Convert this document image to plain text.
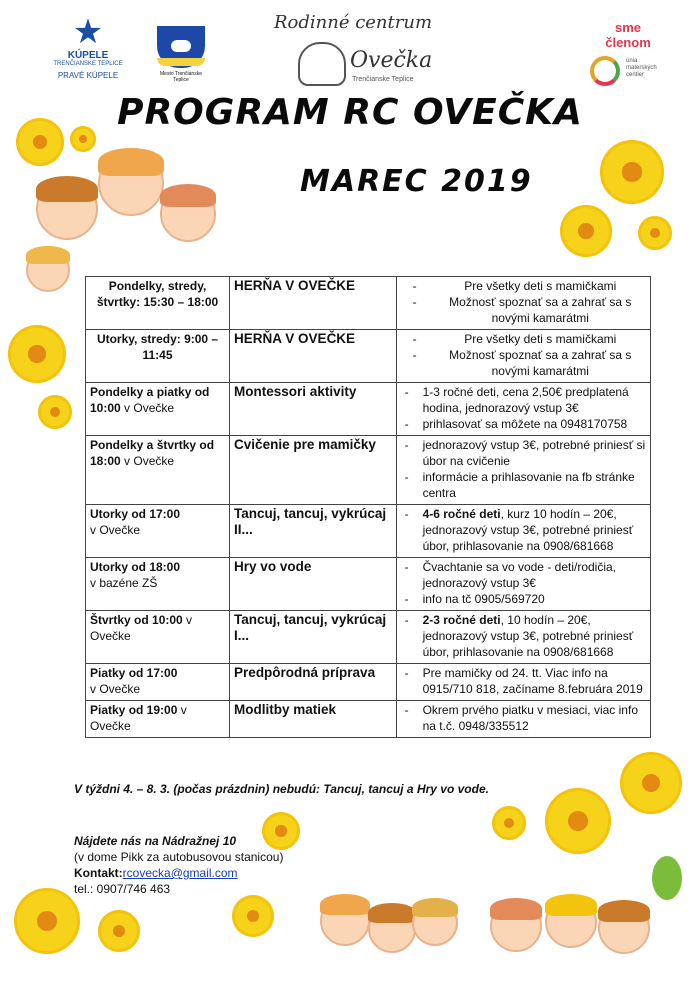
★
KÚPELE
TRENČIANSKE TEPLICE
PRAVÉ KÚPELE	Mesto Trenčianske Teplice
Rodinné centrum
Ovečka
Trenčianske Teplice
sme
členom
únia materských centier
PROGRAM RC OVEČKA
MAREC 2019
Pondelky, stredy, štvrtky: 15:30 – 18:00	HERŇA V OVEČKE	- Pre všetky deti s mamičkami
- Možnosť spoznať sa a zahrať sa s novými kamarátmi

Utorky, stredy: 9:00 – 11:45	HERŇA V OVEČKE	- Pre všetky deti s mamičkami
- Možnosť spoznať sa a zahrať sa s novými kamarátmi

Pondelky a piatky od 10:00 v Ovečke	Montessori aktivity	- 1-3 ročné deti, cena 2,50€ predplatená hodina, jednorazový vstup 3€
- prihlasovať sa môžete na 0948170758

Pondelky a štvrtky od 18:00 v Ovečke	Cvičenie pre mamičky	- jednorazový vstup 3€, potrebné priniesť si úbor na cvičenie
- informácie a prihlasovanie na fb stránke centra

Utorky od 17:00
v Ovečke	Tancuj, tancuj, vykrúcaj II...	- 4-6 ročné deti, kurz 10 hodín – 20€, jednorazový vstup 3€, potrebné priniesť úbor, prihlasovanie na 0908/681668

Utorky od 18:00
v bazéne ZŠ	Hry vo vode	- Čvachtanie sa vo vode - deti/rodičia, jednorazový vstup 3€
- info na tč 0905/569720

Štvrtky od 10:00 v Ovečke	Tancuj, tancuj, vykrúcaj I...	- 2-3 ročné deti, 10 hodín – 20€, jednorazový vstup 3€, potrebné priniesť úbor, prihlasovanie na 0908/681668

Piatky od 17:00
v Ovečke	Predpôrodná príprava	- Pre mamičky od 24. tt. Viac info na 0915/710 818, začíname 8.februára 2019

Piatky od 19:00 v Ovečke	Modlitby matiek	- Okrem prvého piatku v mesiaci, viac info na t.č. 0948/335512
V týždni 4. – 8. 3. (počas prázdnin) nebudú: Tancuj, tancuj a Hry vo vode.
Nájdete nás na Nádražnej 10
(v dome Pikk za autobusovou stanicou)
Kontakt:rcovecka@gmail.com
tel.: 0907/746 463
